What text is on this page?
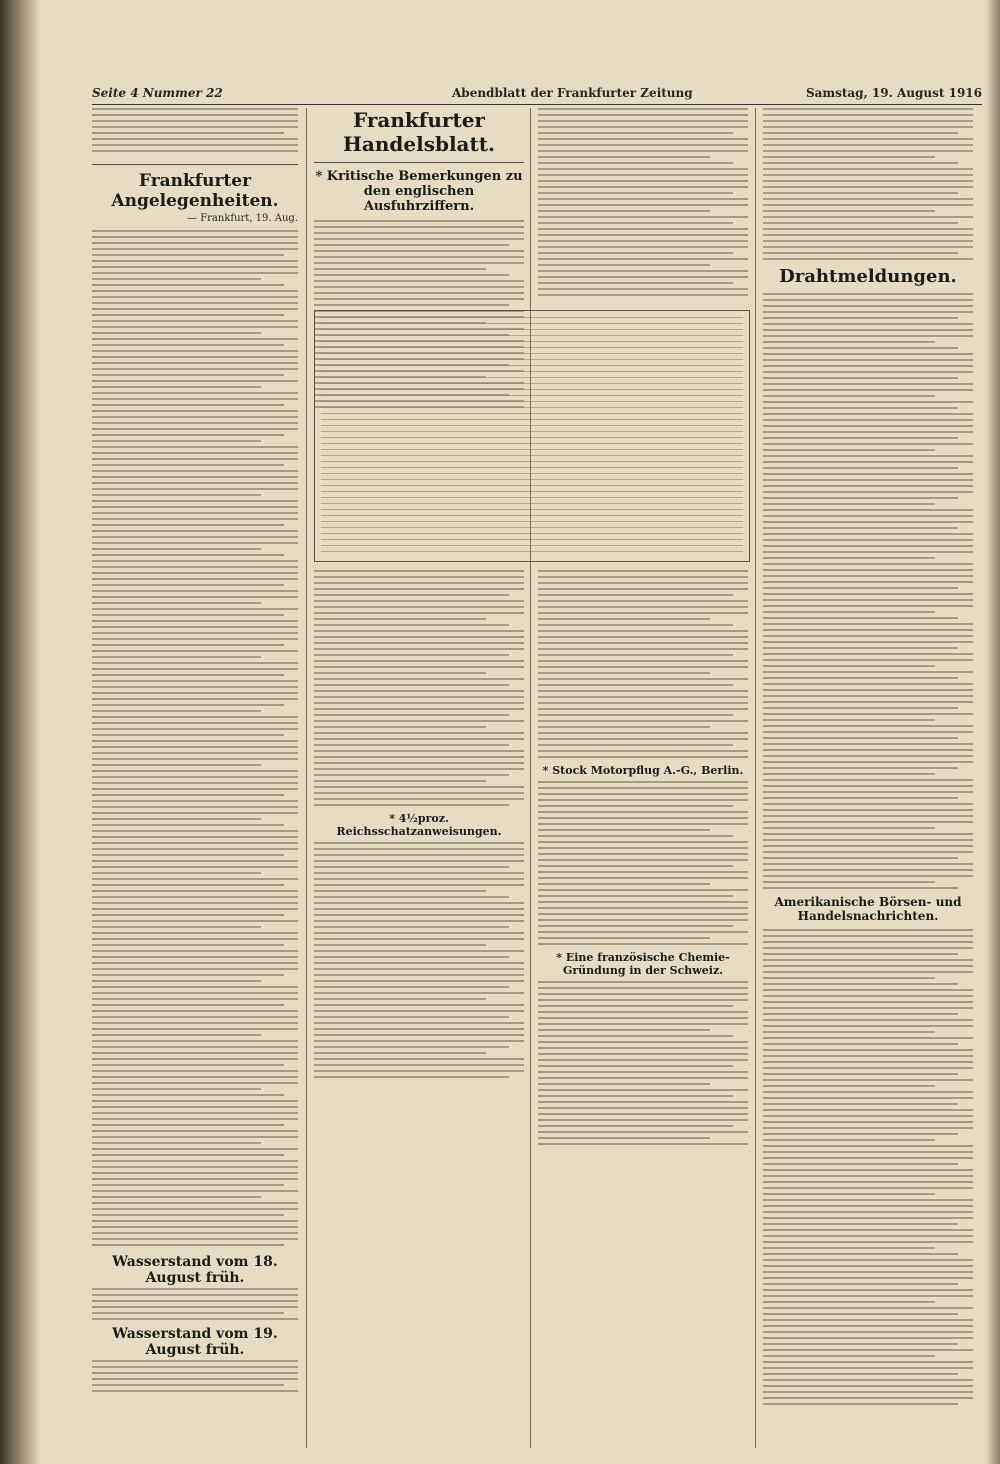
Seite 4 Nummer 22	Abendblatt der Frankfurter Zeitung	Samstag, 19. August 1916
Frankfurter Angelegenheiten.
— Frankfurt, 19. Aug.
Wasserstand vom 18. August früh.
Wasserstand vom 19. August früh.
Frankfurter Handelsblatt.
* Kritische Bemerkungen zu den englischen Ausfuhrziffern.
* 4½proz. Reichsschatzanweisungen.
* Stock Motorpflug A.-G., Berlin.
* Eine französische Chemie-Gründung in der Schweiz.
Drahtmeldungen.
Amerikanische Börsen- und Handelsnachrichten.
